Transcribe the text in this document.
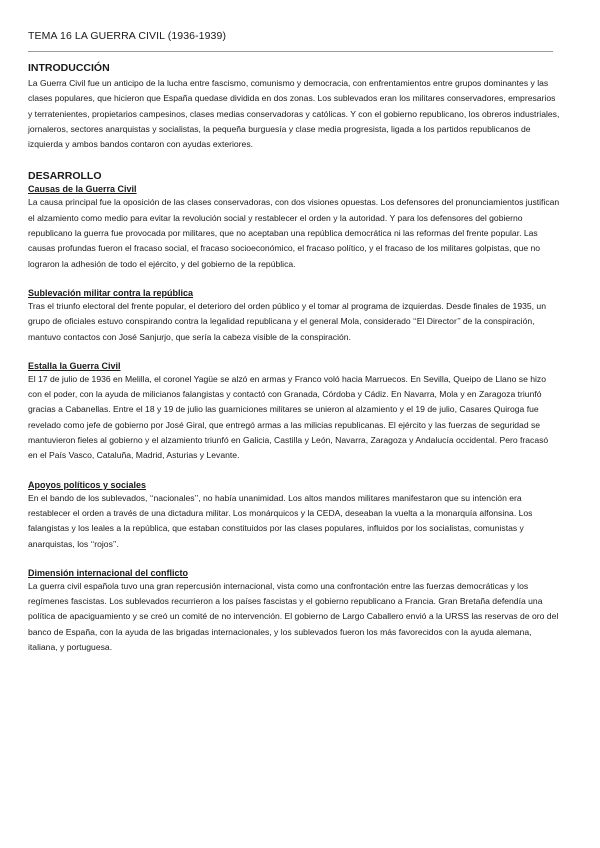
TEMA 16 LA GUERRA CIVIL (1936-1939)
INTRODUCCIÓN

La Guerra Civil fue un anticipo de la lucha entre fascismo, comunismo y democracia, con enfrentamientos entre grupos dominantes y las clases populares, que hicieron que España quedase dividida en dos zonas. Los sublevados eran los militares conservadores, empresarios y terratenientes, propietarios campesinos, clases medias conservadoras y católicas. Y con el gobierno republicano, los obreros industriales, jornaleros, sectores anarquistas y socialistas, la pequeña burguesía y clase media progresista, ligada a los partidos republicanos de izquierda y ambos bandos contaron con ayudas exteriores.

DESARROLLO
Causas de la Guerra Civil

La causa principal fue la oposición de las clases conservadoras, con dos visiones opuestas. Los defensores del pronunciamientos justifican el alzamiento como medio para evitar la revolución social y restablecer el orden y la autoridad. Y para los defensores del gobierno republicano la guerra fue provocada por militares, que no aceptaban una república democrática ni las reformas del frente popular. Las causas profundas fueron el fracaso social, el fracaso socioeconómico, el fracaso político, y el fracaso de los militares golpistas, que no lograron la adhesión de todo el ejército, y del gobierno de la república.

Sublevación militar contra la república

Tras el triunfo electoral del frente popular, el deterioro del orden público y el tomar al programa de izquierdas. Desde finales de 1935, un grupo de oficiales estuvo conspirando contra la legalidad republicana y el general Mola, considerado ‘‘El Director’’ de la conspiración, mantuvo contactos con José Sanjurjo, que sería la cabeza visible de la conspiración.

Estalla la Guerra Civil

El 17 de julio de 1936 en Melilla, el coronel Yagüe se alzó en armas y Franco voló hacia Marruecos. En Sevilla, Queipo de Llano se hizo con el poder, con la ayuda de milicianos falangistas y contactó con Granada, Córdoba y Cádiz. En Navarra, Mola y en Zaragoza triunfó gracias a Cabanellas. Entre el 18 y 19 de julio las guarniciones militares se unieron al alzamiento y el 19 de julio, Casares Quiroga fue revelado como jefe de gobierno por José Giral, que entregó armas a las milicias republicanas. El ejército y las fuerzas de seguridad se mantuvieron fieles al gobierno y el alzamiento triunfó en Galicia, Castilla y León, Navarra, Zaragoza y Andalucía occidental. Pero fracasó en el País Vasco, Cataluña, Madrid, Asturias y Levante.

Apoyos políticos y sociales

En el bando de los sublevados, ‘‘nacionales’’, no había unanimidad. Los altos mandos militares manifestaron que su intención era restablecer el orden a través de una dictadura militar. Los monárquicos y la CEDA, deseaban la vuelta a la monarquía alfonsina. Los falangistas y los leales a la república, que estaban constituidos por las clases populares, influidos por los socialistas, comunistas y anarquistas, los ‘‘rojos’’.

Dimensión internacional del conflicto

La guerra civil española tuvo una gran repercusión internacional, vista como una confrontación entre las fuerzas democráticas y los regímenes fascistas. Los sublevados recurrieron a los países fascistas y el gobierno republicano a Francia. Gran Bretaña defendía una política de apaciguamiento y se creó un comité de no intervención. El gobierno de Largo Caballero envió a la URSS las reservas de oro del banco de España, con la ayuda de las brigadas internacionales, y los sublevados fueron los más favorecidos con la ayuda alemana, italiana, y portuguesa.
